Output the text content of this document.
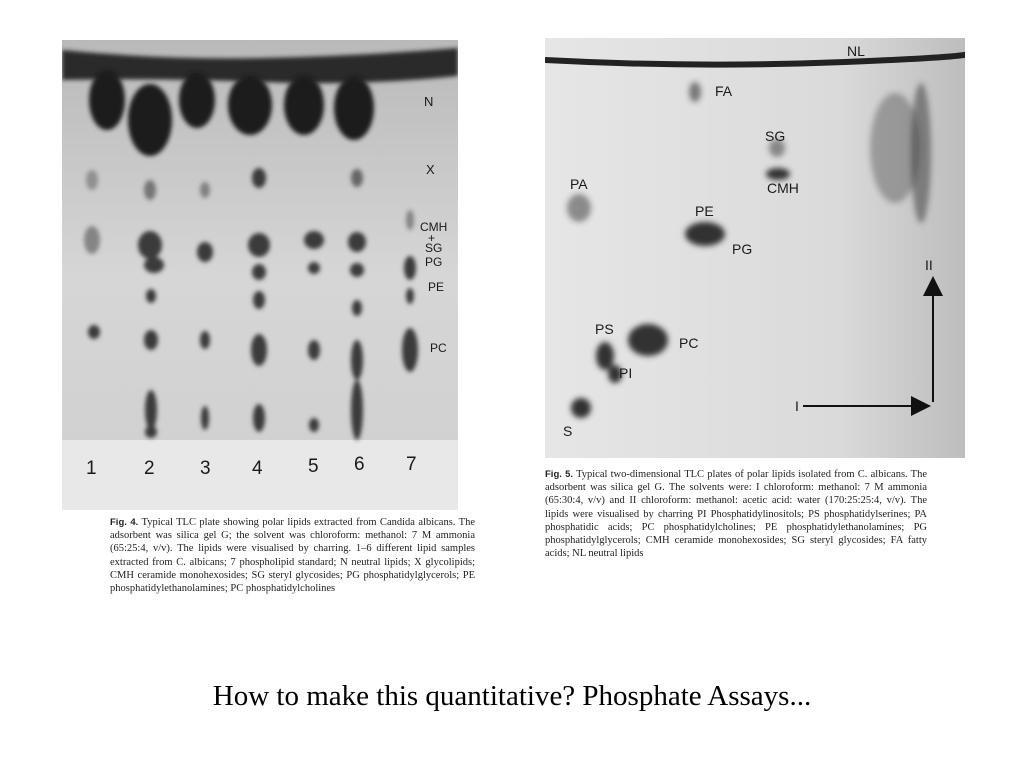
N
X
CMH
+
SG
PG
PE
PC
1 2 3 4 5 6 7
NL
FA
SG
CMH
PA
PE
PG
PS
PC
PI
S
I
II
Fig. 4. Typical TLC plate showing polar lipids extracted from Candida albicans. The adsorbent was silica gel G; the solvent was chloroform: methanol: 7 M ammonia (65:25:4, v/v). The lipids were visualised by charring. 1–6 different lipid samples extracted from C. albicans; 7 phospholipid standard; N neutral lipids; X glycolipids; CMH ceramide monohexosides; SG steryl glycosides; PG phosphatidylglycerols; PE phosphatidylethanolamines; PC phosphatidylcholines
Fig. 5. Typical two-dimensional TLC plates of polar lipids isolated from C. albicans. The adsorbent was silica gel G. The solvents were: I chloroform: methanol: 7 M ammonia (65:30:4, v/v) and II chloroform: methanol: acetic acid: water (170:25:25:4, v/v). The lipids were visualised by charring PI Phosphatidylinositols; PS phosphatidylserines; PA phosphatidic acids; PC phosphatidylcholines; PE phosphatidylethanolamines; PG phosphatidylglycerols; CMH ceramide monohexosides; SG steryl glycosides; FA fatty acids; NL neutral lipids
How to make this quantitative? Phosphate Assays...
